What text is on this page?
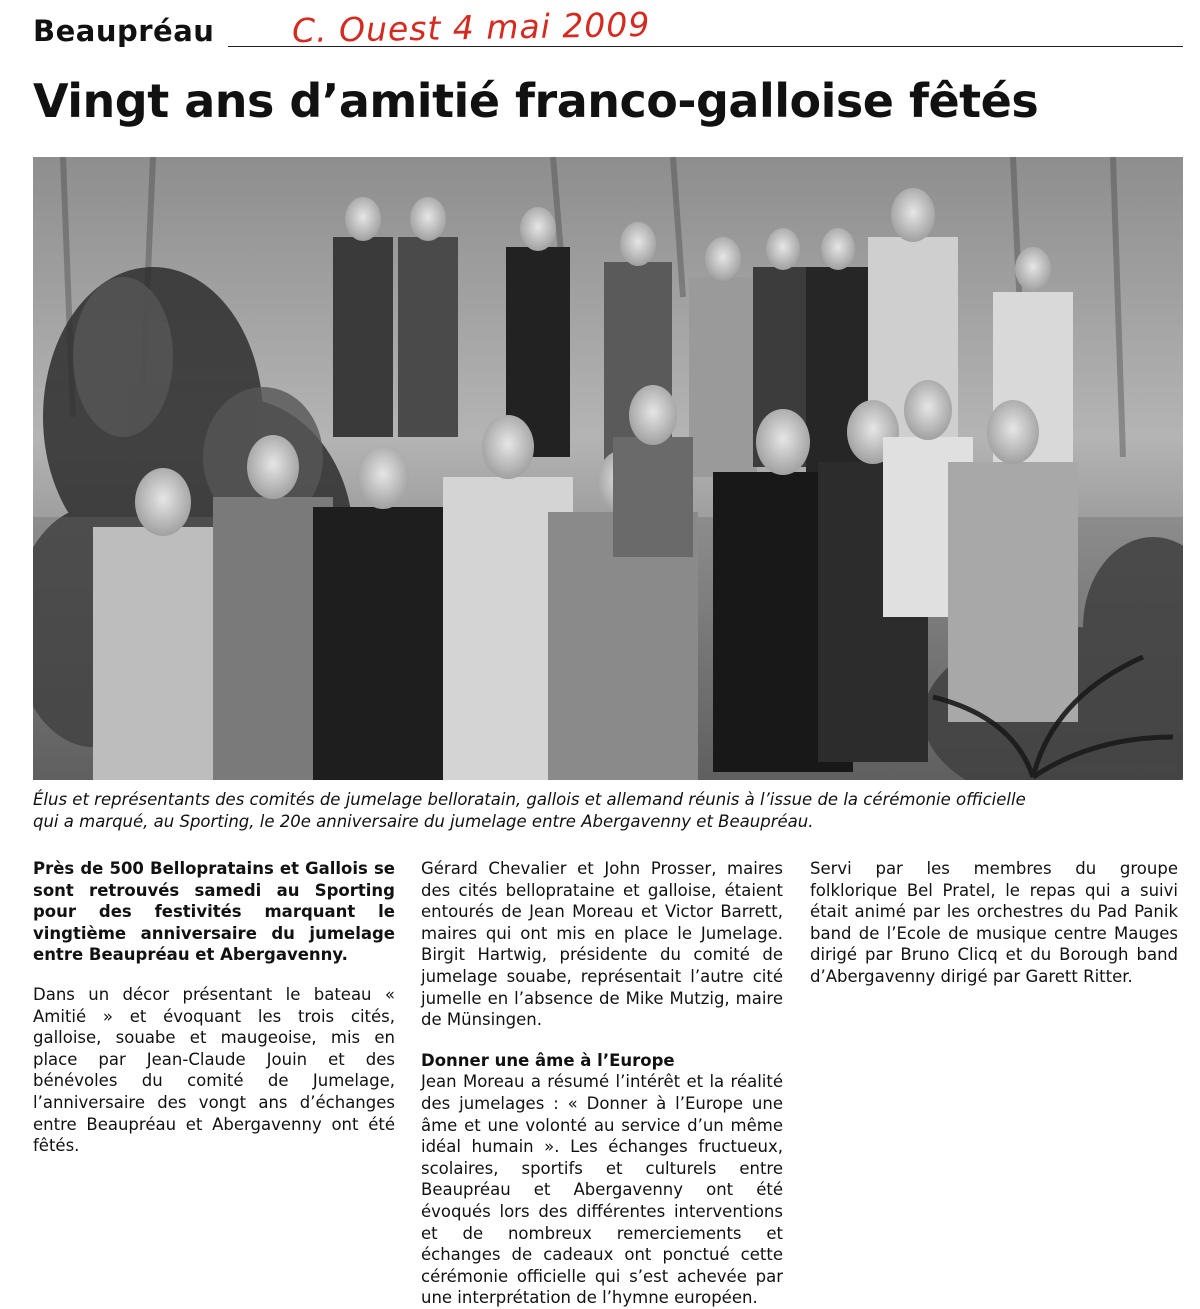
Beaupréau C. Ouest 4 mai 2009
Vingt ans d’amitié franco-galloise fêtés
Élus et représentants des comités de jumelage belloratain, gallois et allemand réunis à l’issue de la cérémonie officielle
qui a marqué, au Sporting, le 20e anniversaire du jumelage entre Abergavenny et Beaupréau.

Près de 500 Bellopratains et Gallois se sont retrouvés samedi au Sporting pour des festivités marquant le vingtième anniversaire du jumelage entre Beaupréau et Abergavenny.

Dans un décor présentant le bateau « Amitié » et évoquant les trois cités, galloise, souabe et maugeoise, mis en place par Jean-Claude Jouin et des bénévoles du comité de Jumelage, l’anniversaire des vongt ans d’échanges entre Beaupréau et Abergavenny ont été fêtés.

Gérard Chevalier et John Prosser, maires des cités bellopratainе et galloise, étaient entourés de Jean Moreau et Victor Barrett, maires qui ont mis en place le Jumelage. Birgit Hartwig, présidente du comité de jumelage souabe, représentait l’autre cité jumelle en l’absence de Mike Mutzig, maire de Münsingen.

Donner une âme à l’Europe

Jean Moreau a résumé l’intérêt et la réalité des jumelages : « Donner à l’Europe une âme et une volonté au service d’un même idéal humain ». Les échanges fructueux, scolaires, sportifs et culturels entre Beaupréau et Abergavenny ont été évoqués lors des différentes interventions et de nombreux remerciements et échanges de cadeaux ont ponctué cette cérémonie officielle qui s’est achevée par une interprétation de l’hymne européen.

Servi par les membres du groupe folklorique Bel Pratel, le repas qui a suivi était animé par les orchestres du Pad Panik band de l’Ecole de musique centre Mauges dirigé par Bruno Clicq et du Borough band d’Abergavenny dirigé par Garett Ritter.
